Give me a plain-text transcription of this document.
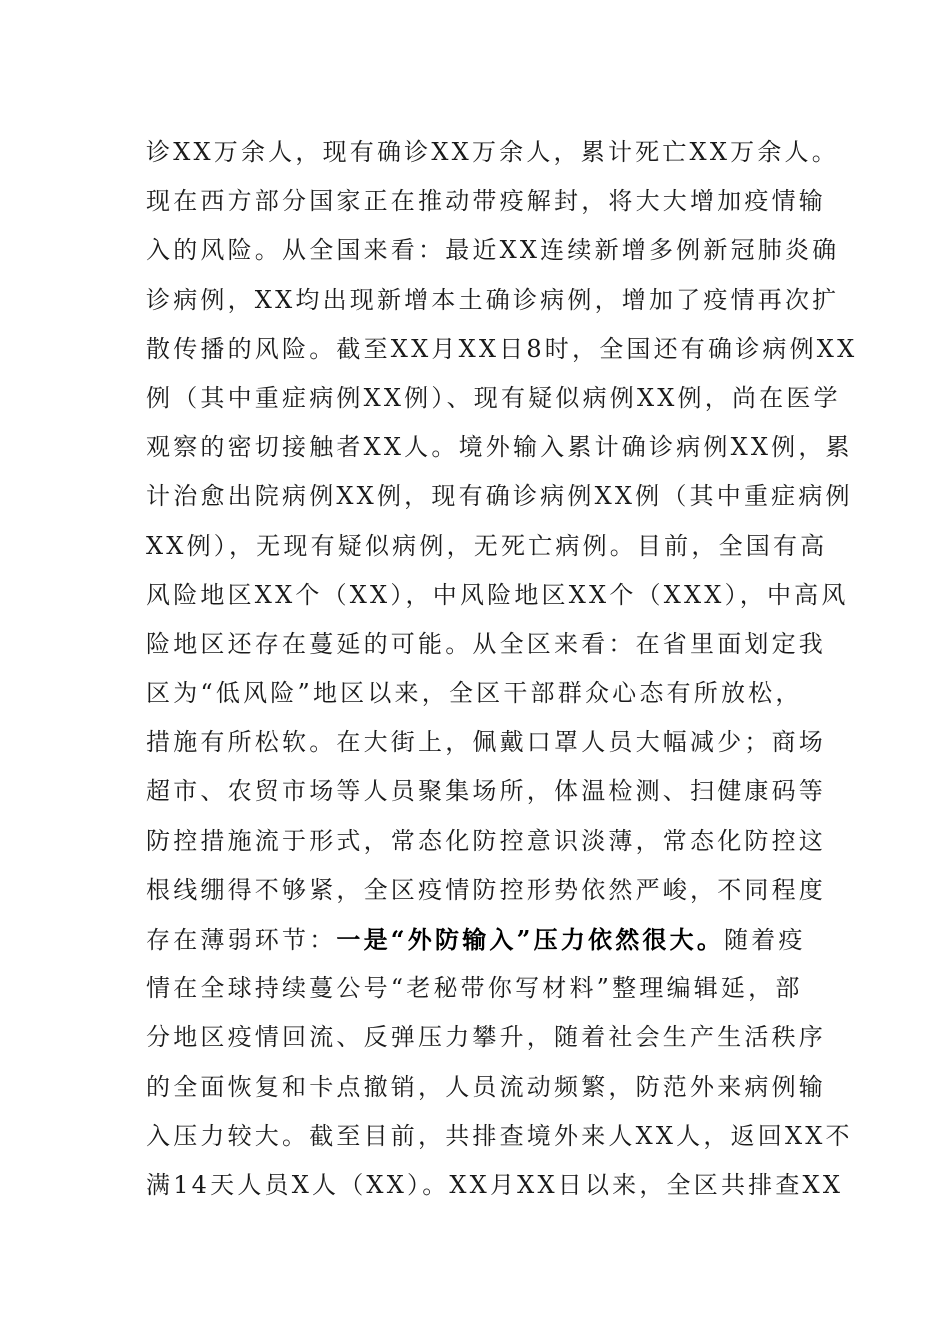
诊XX万余人，现有确诊XX万余人，累计死亡XX万余人。
现在西方部分国家正在推动带疫解封，将大大增加疫情输
入的风险。从全国来看：最近XX连续新增多例新冠肺炎确
诊病例，XX均出现新增本土确诊病例，增加了疫情再次扩
散传播的风险。截至XX月XX日8时，全国还有确诊病例XX
例（其中重症病例XX例）、现有疑似病例XX例，尚在医学
观察的密切接触者XX人。境外输入累计确诊病例XX例，累
计治愈出院病例XX例，现有确诊病例XX例（其中重症病例
XX例），无现有疑似病例，无死亡病例。目前，全国有高
风险地区XX个（XX），中风险地区XX个（XXX），中高风
险地区还存在蔓延的可能。从全区来看：在省里面划定我
区为“低风险”地区以来，全区干部群众心态有所放松，
措施有所松软。在大街上，佩戴口罩人员大幅减少；商场
超市、农贸市场等人员聚集场所，体温检测、扫健康码等
防控措施流于形式，常态化防控意识淡薄，常态化防控这
根线绷得不够紧，全区疫情防控形势依然严峻，不同程度
存在薄弱环节：一是“外防输入”压力依然很大。随着疫
情在全球持续蔓公号“老秘带你写材料”整理编辑延，部
分地区疫情回流、反弹压力攀升，随着社会生产生活秩序
的全面恢复和卡点撤销，人员流动频繁，防范外来病例输
入压力较大。截至目前，共排查境外来人XX人，返回XX不
满14天人员X人（XX）。XX月XX日以来，全区共排查XX
